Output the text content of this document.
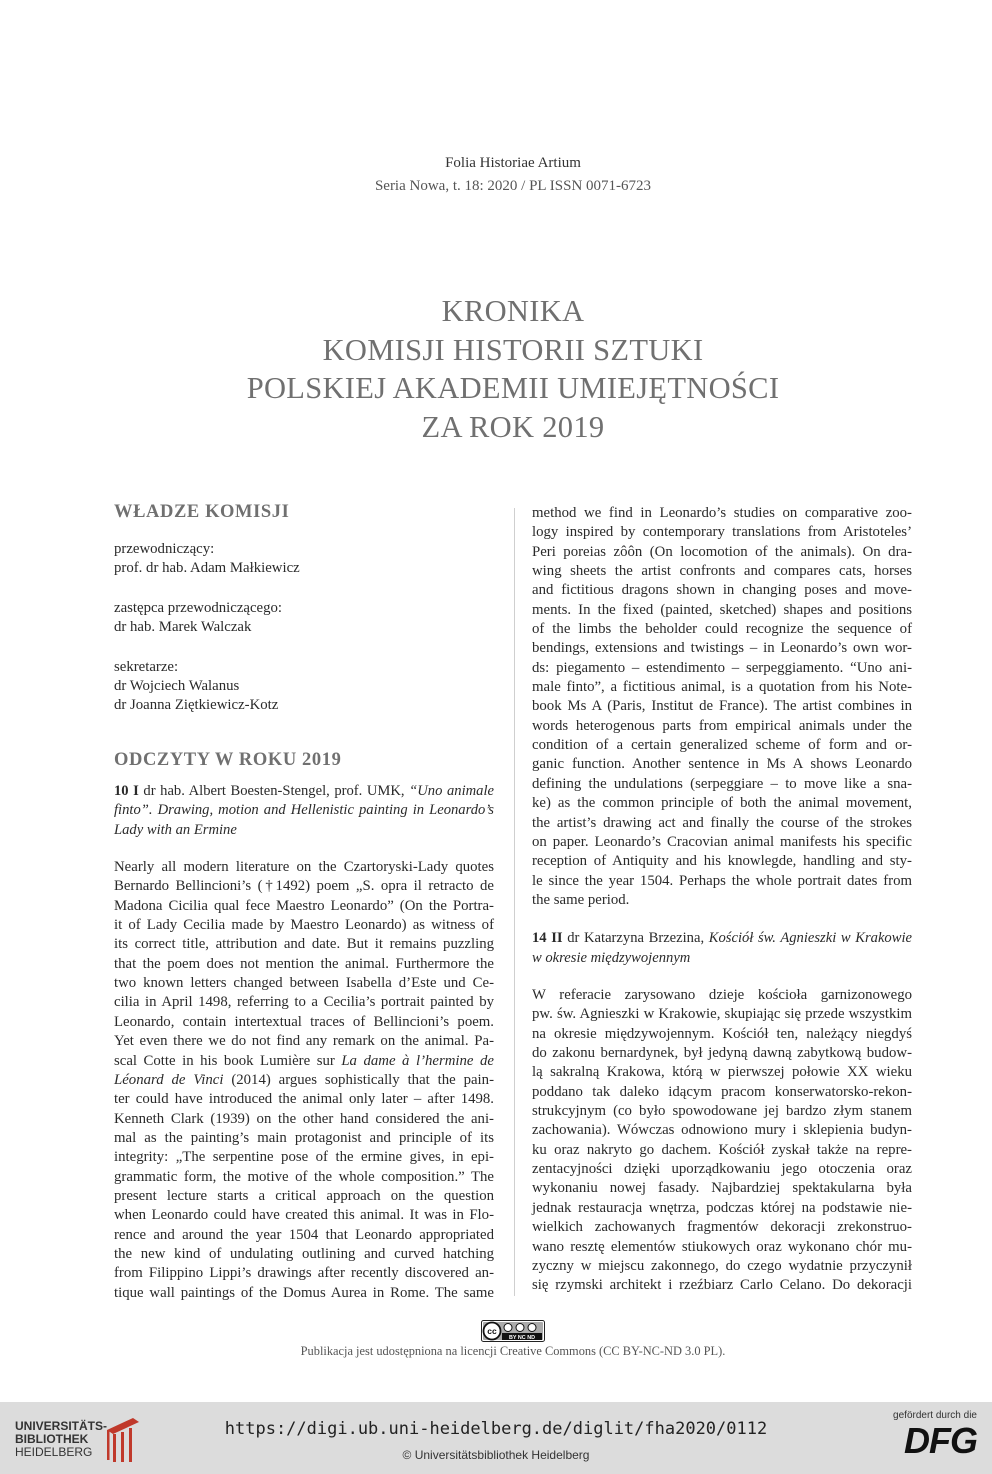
Folia Historiae Artium
Seria Nowa, t. 18: 2020 / PL ISSN 0071-6723
KRONIKA
KOMISJI HISTORII SZTUKI
POLSKIEJ AKADEMII UMIEJĘTNOŚCI
ZA ROK 2019
WŁADZE KOMISJI
przewodniczący:
prof. dr hab. Adam Małkiewicz
zastępca przewodniczącego:
dr hab. Marek Walczak
sekretarze:
dr Wojciech Walanus
dr Joanna Ziętkiewicz-Kotz
ODCZYTY W ROKU 2019
10 I dr hab. Albert Boesten-Stengel, prof. UMK, “Uno animale
finto”. Drawing, motion and Hellenistic painting in Leonardo’s
Lady with an Ermine
Nearly all modern literature on the Czartoryski-Lady quotes
Bernardo Bellincioni’s (†1492) poem „S. opra il retracto de
Madona Cicilia qual fece Maestro Leonardo” (On the Portra-
it of Lady Cecilia made by Maestro Leonardo) as witness of
its correct title, attribution and date. But it remains puzzling
that the poem does not mention the animal. Furthermore the
two known letters changed between Isabella d’Este und Ce-
cilia in April 1498, referring to a Cecilia’s portrait painted by
Leonardo, contain intertextual traces of Bellincioni’s poem.
Yet even there we do not find any remark on the animal. Pa-
scal Cotte in his book Lumière sur La dame à l’hermine de
Léonard de Vinci (2014) argues sophistically that the pain-
ter could have introduced the animal only later – after 1498.
Kenneth Clark (1939) on the other hand considered the ani-
mal as the painting’s main protagonist and principle of its
integrity: „The serpentine pose of the ermine gives, in epi-
grammatic form, the motive of the whole composition.” The
present lecture starts a critical approach on the question
when Leonardo could have created this animal. It was in Flo-
rence and around the year 1504 that Leonardo appropriated
the new kind of undulating outlining and curved hatching
from Filippino Lippi’s drawings after recently discovered an-
tique wall paintings of the Domus Aurea in Rome. The same
method we find in Leonardo’s studies on comparative zoo-
logy inspired by contemporary translations from Aristoteles’
Peri poreias zôôn (On locomotion of the animals). On dra-
wing sheets the artist confronts and compares cats, horses
and fictitious dragons shown in changing poses and move-
ments. In the fixed (painted, sketched) shapes and positions
of the limbs the beholder could recognize the sequence of
bendings, extensions and twistings – in Leonardo’s own wor-
ds: piegamento – estendimento – serpeggiamento. “Uno ani-
male finto”, a fictitious animal, is a quotation from his Note-
book Ms A (Paris, Institut de France). The artist combines in
words heterogenous parts from empirical animals under the
condition of a certain generalized scheme of form and or-
ganic function. Another sentence in Ms A shows Leonardo
defining the undulations (serpeggiare – to move like a sna-
ke) as the common principle of both the animal movement,
the artist’s drawing act and finally the course of the strokes
on paper. Leonardo’s Cracovian animal manifests his specific
reception of Antiquity and his knowlegde, handling and sty-
le since the year 1504. Perhaps the whole portrait dates from
the same period.
14 II dr Katarzyna Brzezina, Kościół św. Agnieszki w Krakowie
w okresie międzywojennym
W referacie zarysowano dzieje kościoła garnizonowego
pw. św. Agnieszki w Krakowie, skupiając się przede wszystkim
na okresie międzywojennym. Kościół ten, należący niegdyś
do zakonu bernardynek, był jedyną dawną zabytkową budow-
lą sakralną Krakowa, którą w pierwszej połowie XX wieku
poddano tak daleko idącym pracom konserwatorsko-rekon-
strukcyjnym (co było spowodowane jej bardzo złym stanem
zachowania). Wówczas odnowiono mury i sklepienia budyn-
ku oraz nakryto go dachem. Kościół zyskał także na repre-
zentacyjności dzięki uporządkowaniu jego otoczenia oraz
wykonaniu nowej fasady. Najbardziej spektakularna była
jednak restauracja wnętrza, podczas której na podstawie nie-
wielkich zachowanych fragmentów dekoracji zrekonstruo-
wano resztę elementów stiukowych oraz wykonano chór mu-
zyczny w miejscu zakonnego, do czego wydatnie przyczynił
się rzymski architekt i rzeźbiarz Carlo Celano. Do dekoracji
cc
BY NC ND
Publikacja jest udostępniona na licencji Creative Commons (CC BY-NC-ND 3.0 PL).
UNIVERSITÄTS-
BIBLIOTHEK
HEIDELBERG
https://digi.ub.uni-heidelberg.de/diglit/fha2020/0112
© Universitätsbibliothek Heidelberg
gefördert durch die
DFG
